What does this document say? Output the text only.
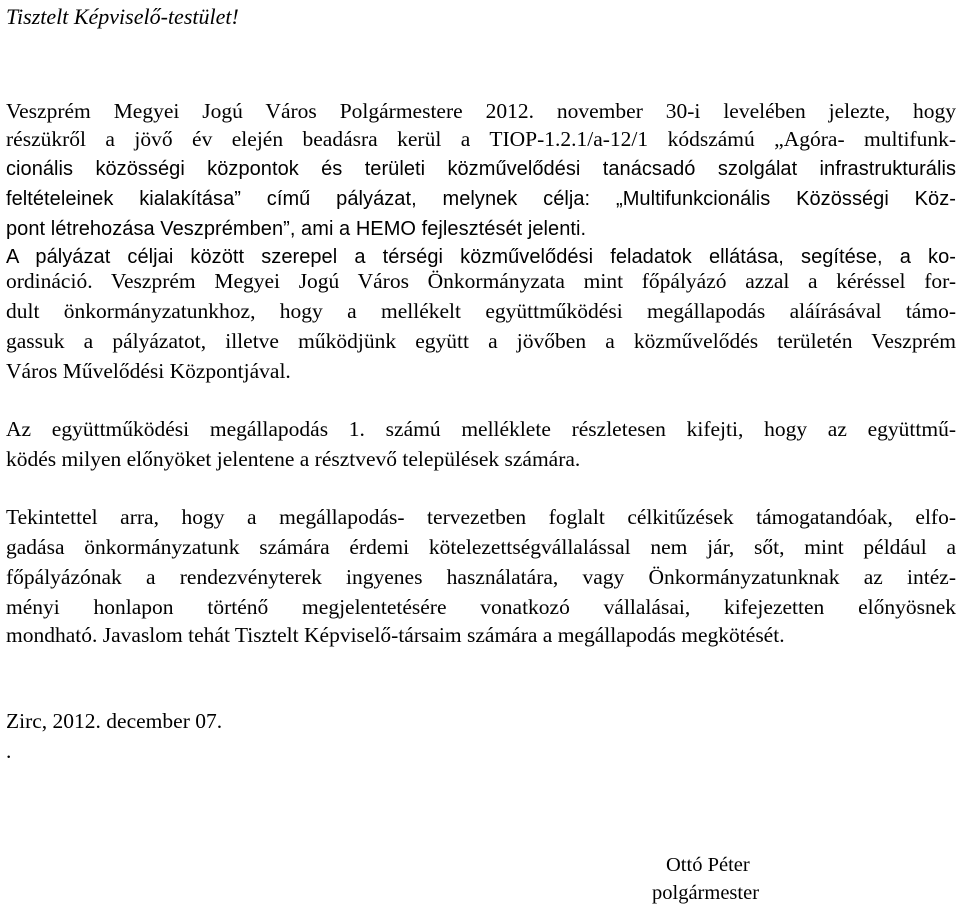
Tisztelt Képviselő-testület!
Veszprém Megyei Jogú Város Polgármestere 2012. november 30-i levelében jelezte, hogy
részükről a jövő év elején beadásra kerül a TIOP-1.2.1/a-12/1 kódszámú „Agóra- multifunk-
cionális közösségi központok és területi közművelődési tanácsadó szolgálat infrastrukturális
feltételeinek kialakítása” című pályázat, melynek célja: „Multifunkcionális Közösségi Köz-
pont létrehozása Veszprémben”, ami a HEMO fejlesztését jelenti.
A pályázat céljai között szerepel a térségi közművelődési feladatok ellátása, segítése, a ko-
ordináció. Veszprém Megyei Jogú Város Önkormányzata mint főpályázó azzal a kéréssel for-
dult önkormányzatunkhoz, hogy a mellékelt együttműködési megállapodás aláírásával támo-
gassuk a pályázatot, illetve működjünk együtt a jövőben a közművelődés területén Veszprém
Város Művelődési Központjával.
Az együttműködési megállapodás 1. számú melléklete részletesen kifejti, hogy az együttmű-
ködés milyen előnyöket jelentene a résztvevő települések számára.
Tekintettel arra, hogy a megállapodás- tervezetben foglalt célkitűzések támogatandóak, elfo-
gadása önkormányzatunk számára érdemi kötelezettségvállalással nem jár, sőt, mint például a
főpályázónak a rendezvényterek ingyenes használatára, vagy Önkormányzatunknak az intéz-
ményi honlapon történő megjelentetésére vonatkozó vállalásai, kifejezetten előnyösnek
mondható. Javaslom tehát Tisztelt Képviselő-társaim számára a megállapodás megkötését.
Zirc, 2012. december 07.
.
Ottó Péter
polgármester
